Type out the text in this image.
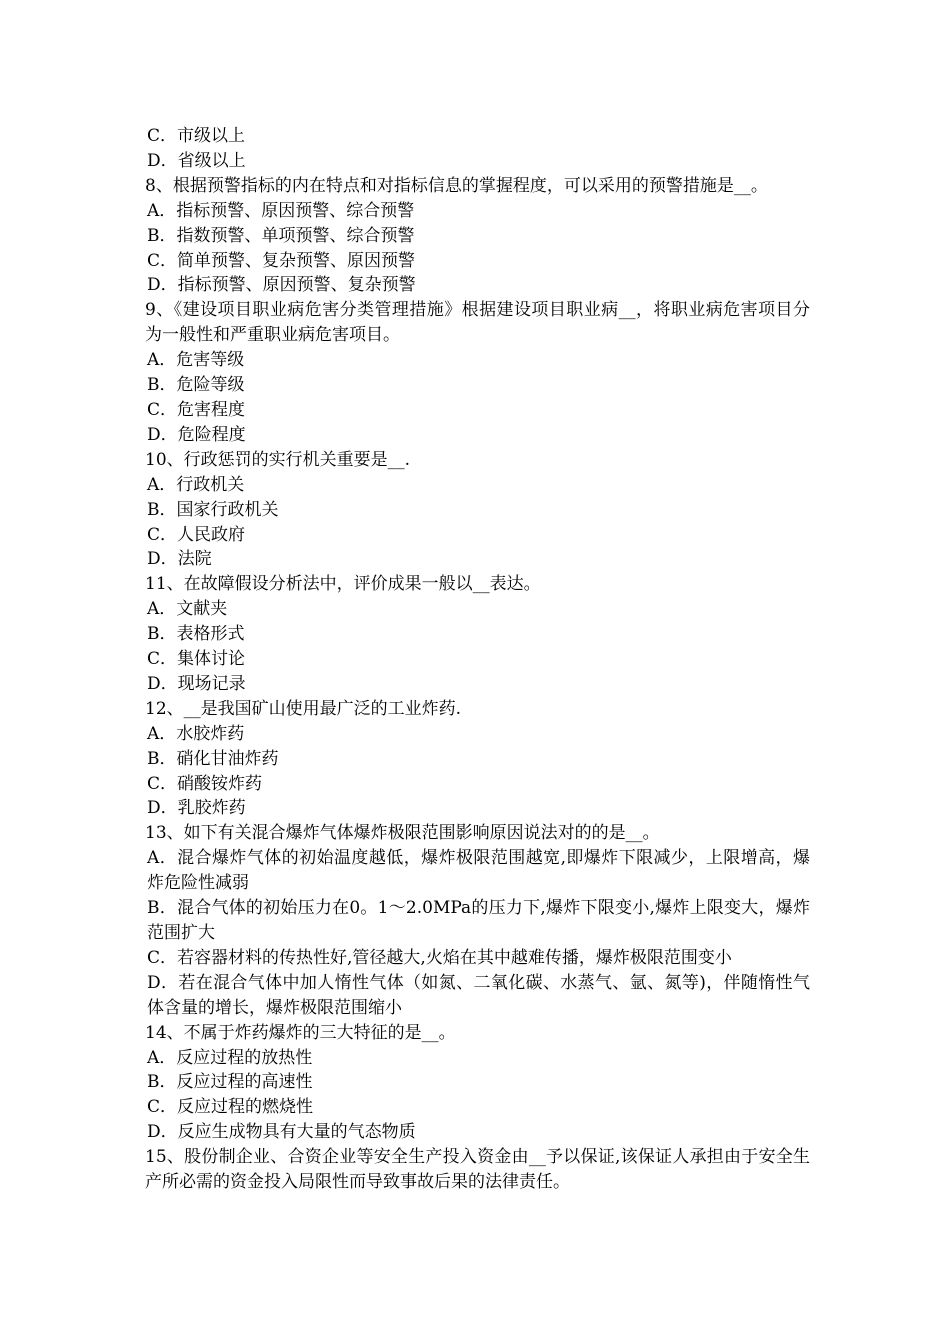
C．市级以上
D．省级以上
8、根据预警指标的内在特点和对指标信息的掌握程度，可以采用的预警措施是__。
A．指标预警、原因预警、综合预警
B．指数预警、单项预警、综合预警
C．简单预警、复杂预警、原因预警
D．指标预警、原因预警、复杂预警
9、《建设项目职业病危害分类管理措施》根据建设项目职业病__，将职业病危害项目分为一般性和严重职业病危害项目。
A．危害等级
B．危险等级
C．危害程度
D．危险程度
10、行政惩罚的实行机关重要是__.
A．行政机关
B．国家行政机关
C．人民政府
D．法院
11、在故障假设分析法中，评价成果一般以__表达。
A．文献夹
B．表格形式
C．集体讨论
D．现场记录
12、__是我国矿山使用最广泛的工业炸药.
A．水胶炸药
B．硝化甘油炸药
C．硝酸铵炸药
D．乳胶炸药
13、如下有关混合爆炸气体爆炸极限范围影响原因说法对的的是__。
A．混合爆炸气体的初始温度越低，爆炸极限范围越宽,即爆炸下限减少，上限增高，爆炸危险性减弱
B．混合气体的初始压力在0。1～2.0MPa的压力下,爆炸下限变小,爆炸上限变大，爆炸范围扩大
C．若容器材料的传热性好,管径越大,火焰在其中越难传播，爆炸极限范围变小
D．若在混合气体中加人惰性气体（如氮、二氧化碳、水蒸气、氩、氮等)，伴随惰性气体含量的增长，爆炸极限范围缩小
14、不属于炸药爆炸的三大特征的是__。
A．反应过程的放热性
B．反应过程的高速性
C．反应过程的燃烧性
D．反应生成物具有大量的气态物质
15、股份制企业、合资企业等安全生产投入资金由__予以保证,该保证人承担由于安全生产所必需的资金投入局限性而导致事故后果的法律责任。
